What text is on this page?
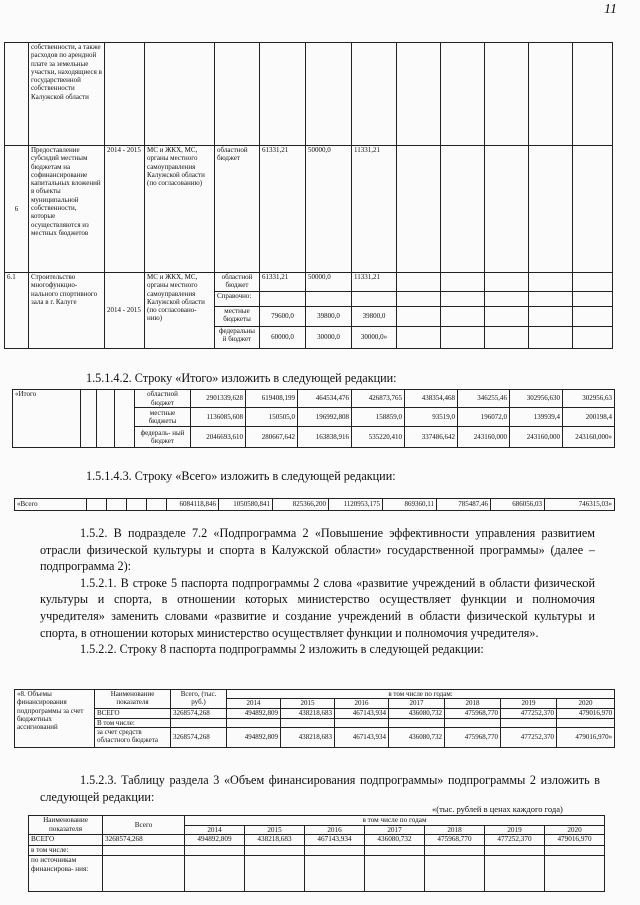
11
	собственности, а также расходов по арендной плате за земельные участки, находящиеся в государственной собственности Калужской области											
6	Предоставление субсидий местным бюджетам на софинансирование капитальных вложений в объекты муниципальной собственности, которые осуществляются из местных бюджетов	2014 - 2015	МС и ЖКХ, МС, органы местного самоуправления Калужской области (по согласованию)	областной бюджет	61331,21	50000,0	11331,21					
6.1	Строительство многофункцио- нального спортивного зала в г. Калуге	2014 - 2015	МС и ЖКХ, МС, органы местного самоуправления Калужской области (по согласовано- нию)	областной бюджет	61331,21	50000,0	11331,21					
				Справочно:								
				местные бюджеты	79600,0	39800,0	39800,0					
				федеральны й бюджет	60000,0	30000,0	30000,0»					
1.5.1.4.2. Строку «Итого» изложить в следующей редакции:
«Итого				областной бюджет	2901339,628	619408,199	464534,476	426873,765	438354,468	346255,46	302956,630	302956,63
				местные бюджеты	1136085,608	150505,0	196992,808	158859,0	93519,0	196072,0	139939,4	200198,4
				федераль- ный бюджет	2046693,610	280667,642	163838,916	535220,410	337486,642	243160,000	243160,000	243160,000»
1.5.1.4.3. Строку «Всего» изложить в следующей редакции:
«Всего					6084118,846	1050580,841	825366,200	1120953,175	869360,11	785487,46	686056,03	746315,03»

1.5.2. В подразделе 7.2 «Подпрограмма 2 «Повышение эффективности управления развитием отрасли физической культуры и спорта в Калужской области» государственной программы» (далее – подпрограмма 2):

1.5.2.1. В строке 5 паспорта подпрограммы 2 слова «развитие учреждений в области физической культуры и спорта, в отношении которых министерство осуществляет функции и полномочия учредителя» заменить словами «развитие и создание учреждений в области физической культуры и спорта, в отношении которых министерство осуществляет функции и полномочия учредителя».

1.5.2.2. Строку 8 паспорта подпрограммы 2 изложить в следующей редакции:

«8. Объемы финансирования подпрограммы за счет бюджетных ассигнований	Наименование показателя	Всего, (тыс. руб.)	в том числе по годам:						
			2014	2015	2016	2017	2018	2019	2020
	ВСЕГО	3268574,268	494892,809	438218,683	467143,934	436080,732	475968,770	477252,370	479016,970
	В том числе:								
	за счет средств областного бюджета	3268574,268	494892,809	438218,683	467143,934	436080,732	475968,770	477252,370	479016,970»

1.5.2.3. Таблицу раздела 3 «Объем финансирования подпрограммы» подпрограммы 2 изложить в следующей редакции:

«(тыс. рублей в ценах каждого года)
Наименование показателя	Всего	в том числе по годам						
		2014	2015	2016	2017	2018	2019	2020
ВСЕГО	3268574,268	494892,809	438218,683	467143,934	436080,732	475968,770	477252,370	479016,970
в том числе:								
по источникам финансирова- ния:								
